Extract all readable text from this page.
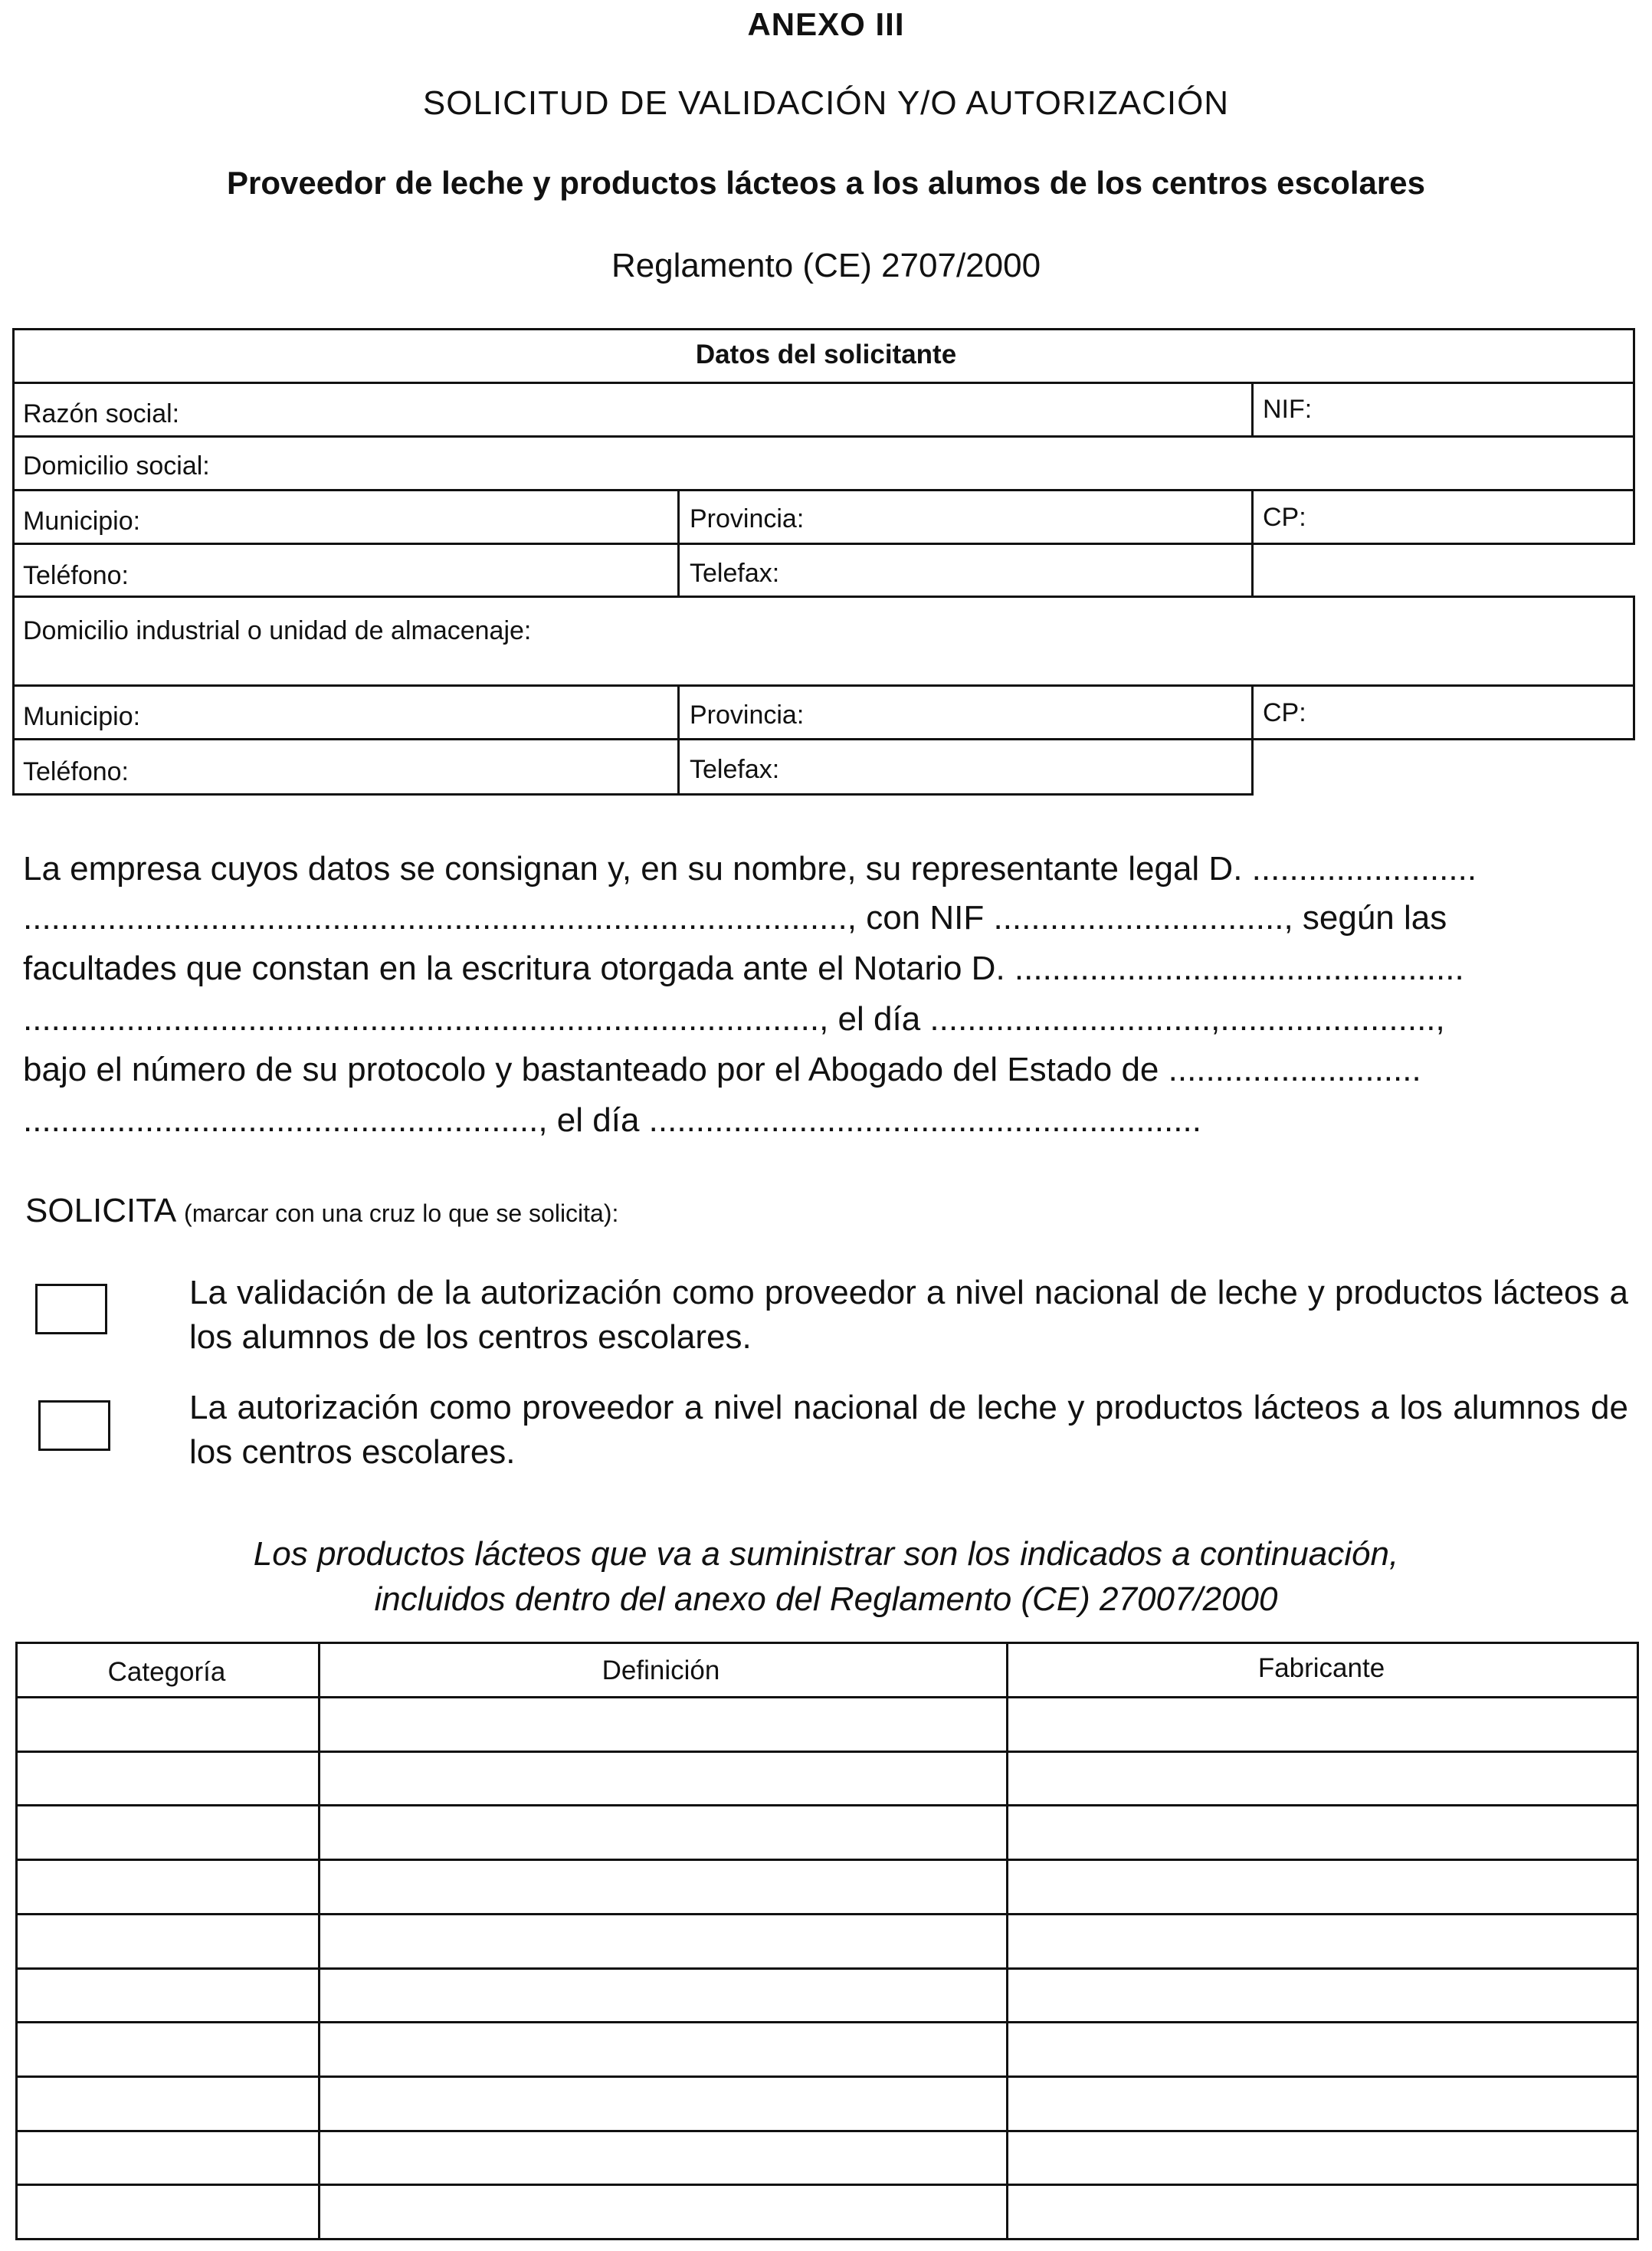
ANEXO III
SOLICITUD DE VALIDACIÓN Y/O AUTORIZACIÓN
Proveedor de leche y productos lácteos a los alumos de los centros escolares
Reglamento (CE) 2707/2000
Datos del solicitante
Razón social:	NIF:
Domicilio social:
Municipio:	Provincia:	CP:
Teléfono:	Telefax:
Domicilio industrial o unidad de almacenaje:
Municipio:	Provincia:	CP:
Teléfono:	Telefax:
La empresa cuyos datos se consignan y, en su nombre, su representante legal D. ........................
........................................................................................, con NIF ..............................., según las
facultades que constan en la escritura otorgada ante el Notario D. ................................................
....................................................................................., el día ..............................,.......................,
bajo el número de su protocolo y bastanteado por el Abogado del Estado de ...........................
......................................................., el día ...........................................................
SOLICITA (marcar con una cruz lo que se solicita):
La validación de la autorización como proveedor a nivel nacional de leche y productos lácteos a los alumnos de los centros escolares.
La autorización como proveedor a nivel nacional de leche y productos lácteos a los alumnos de los centros escolares.
Los productos lácteos que va a suministrar son los indicados a continuación,
incluidos dentro del anexo del Reglamento (CE) 27007/2000
Categoría	Definición	Fabricante
